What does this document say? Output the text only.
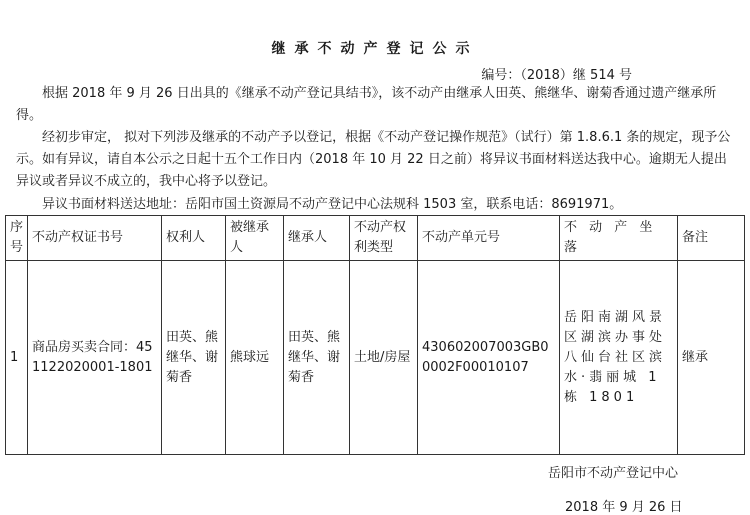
继承不动产登记公示
编号：（2018）继 514 号

根据 2018 年 9 月 26 日出具的《继承不动产登记具结书》，该不动产由继承人田英、熊继华、谢菊香通过遗产继承所得。

经初步审定， 拟对下列涉及继承的不动产予以登记，根据《不动产登记操作规范》（试行）第 1.8.6.1 条的规定，现予公示。如有异议，请自本公示之日起十五个工作日内（2018 年 10 月 22 日之前）将异议书面材料送达我中心。逾期无人提出异议或者异议不成立的，我中心将予以登记。

异议书面材料送达地址：岳阳市国土资源局不动产登记中心法规科 1503 室，联系电话：8691971。

序号	不动产权证书号	权利人	被继承人	继承人	不动产权利类型	不动产单元号	不 动 产 坐 落	备注
1	商品房买卖合同：451122020001-1801	田英、熊继华、谢菊香	熊球远	田英、熊继华、谢菊香	土地/房屋	430602007003GB00002F00010107	岳阳南湖风景区湖滨办事处八仙台社区滨水·翡丽城 1 栋 1801	继承
岳阳市不动产登记中心
2018 年 9 月 26 日
